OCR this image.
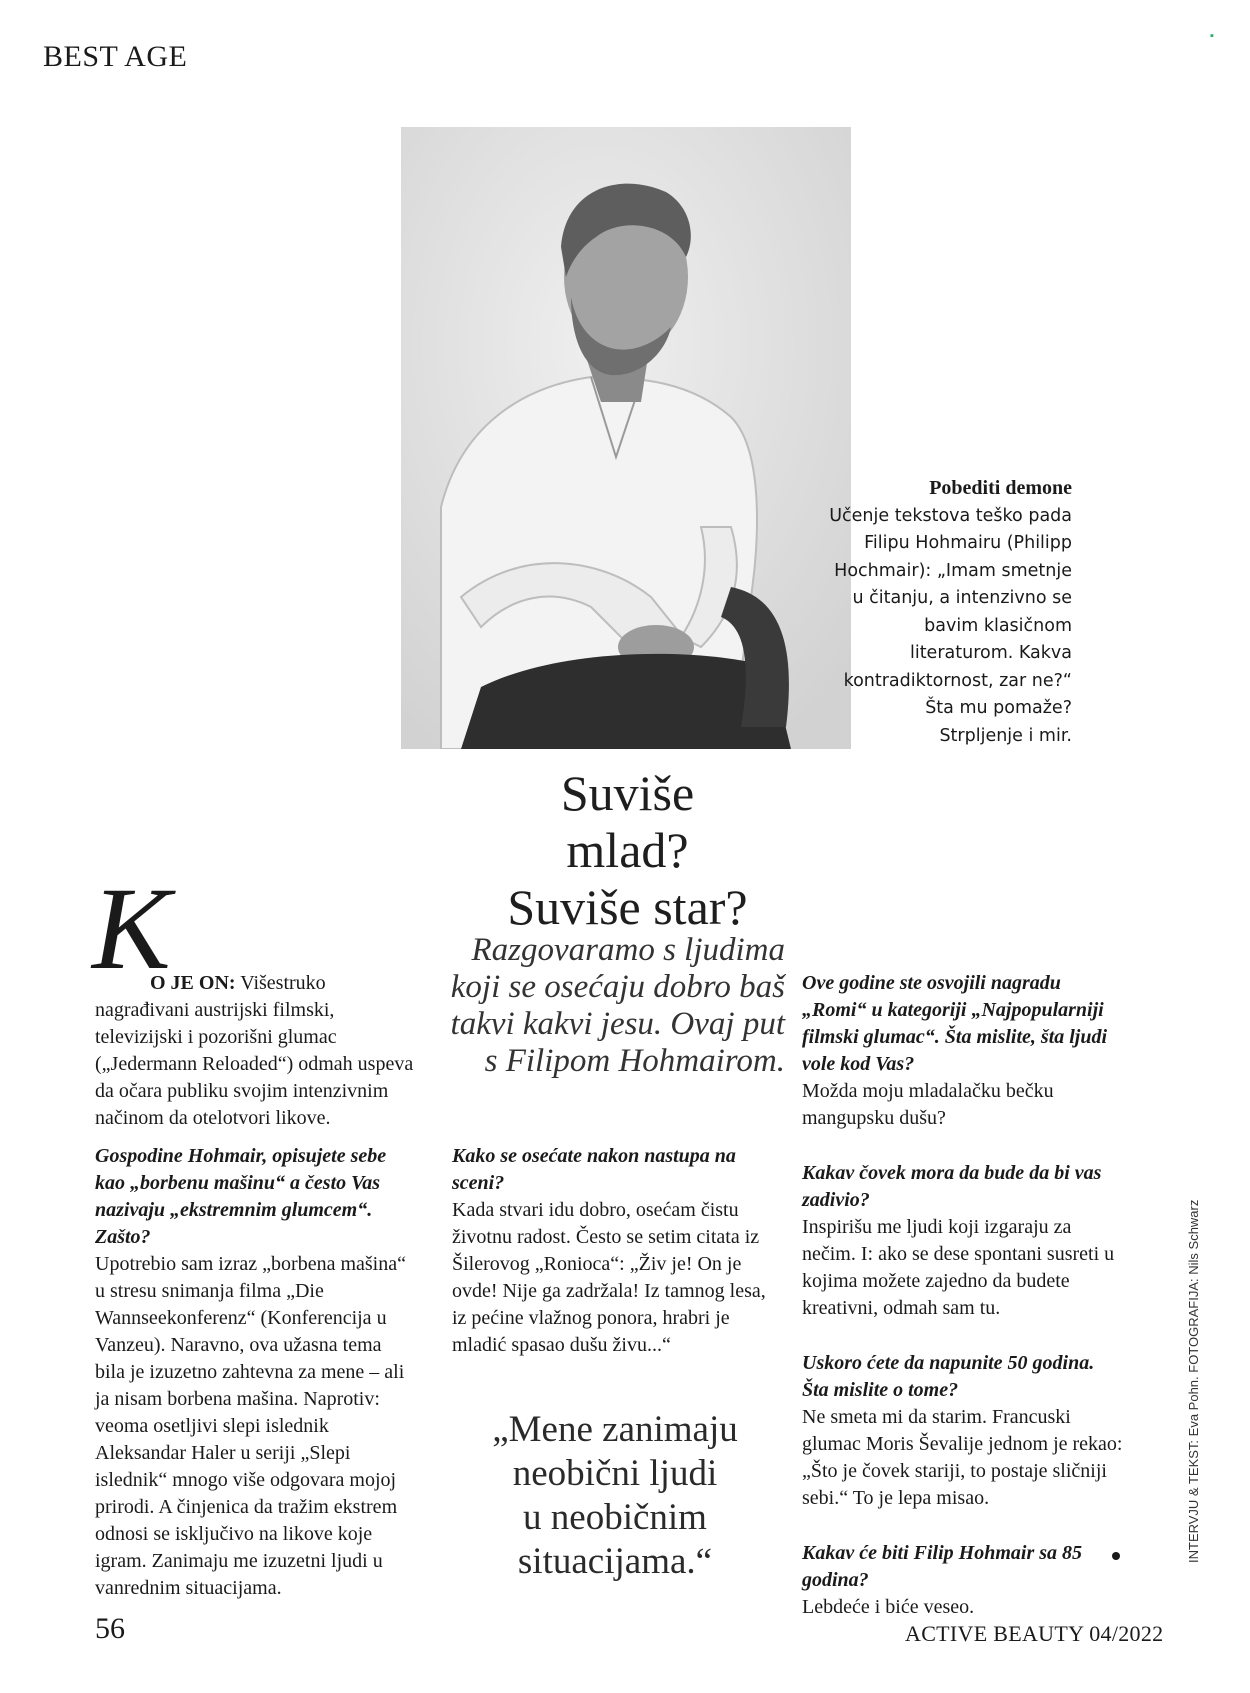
BEST AGE
▪
Pobediti demone
Učenje tekstova teško pada
Filipu Hohmairu (Philipp
Hochmair): „Imam smetnje
u čitanju, a intenzivno se
bavim klasičnom
literaturom. Kakva
kontradiktornost, zar ne?“
Šta mu pomaže?
Strpljenje i mir.
Suviše
mlad?
Suviše star?
Razgovaramo s ljudima
koji se osećaju dobro baš
takvi kakvi jesu. Ovaj put
s Filipom Hohmairom.
K
O JE ON: Višestruko nagrađivani austrijski filmski, televizijski i pozorišni glumac („Jedermann Reloaded“) odmah uspeva da očara publiku svojim intenzivnim načinom da otelotvori likove.

Gospodine Hohmair, opisujete sebe kao „borbenu mašinu“ a često Vas nazivaju „ekstremnim glumcem“. Zašto?

Upotrebio sam izraz „borbena mašina“ u stresu snimanja filma „Die Wannseekonferenz“ (Konferencija u Vanzeu). Naravno, ova užasna tema bila je izuzetno zahtevna za mene – ali ja nisam borbena mašina. Naprotiv: veoma osetljivi slepi islednik Aleksandar Haler u seriji „Slepi islednik“ mnogo više odgovara mojoj prirodi. A činjenica da tražim ekstrem odnosi se isključivo na likove koje igram. Zanimaju me izuzetni ljudi u vanrednim situacijama.

Kako se osećate nakon nastupa na sceni?

Kada stvari idu dobro, osećam čistu životnu radost. Često se setim citata iz Šilerovog „Ronioca“: „Živ je! On je ovde! Nije ga zadržala! Iz tamnog lesa, iz pećine vlažnog ponora, hrabri je mladić spasao dušu živu...“

„Mene zanimaju
neobični ljudi
u neobičnim
situacijama.“

Ove godine ste osvojili nagradu „Romi“ u kategoriji „Najpopularniji filmski glumac“. Šta mislite, šta ljudi vole kod Vas?
Možda moju mladalačku bečku mangupsku dušu?

Kakav čovek mora da bude da bi vas zadivio?
Inspirišu me ljudi koji izgaraju za nečim. I: ako se dese spontani susreti u kojima možete zajedno da budete kreativni, odmah sam tu.

Uskoro ćete da napunite 50 godina. Šta mislite o tome?
Ne smeta mi da starim. Francuski glumac Moris Ševalije jednom je rekao: „Što je čovek stariji, to postaje sličniji sebi.“ To je lepa misao.

Kakav će biti Filip Hohmair sa 85 godina?
Lebdeće i biće veseo.

INTERVJU & TEKST: Eva Pohn. FOTOGRAFIJA: Nils Schwarz
56	ACTIVE BEAUTY 04/2022
